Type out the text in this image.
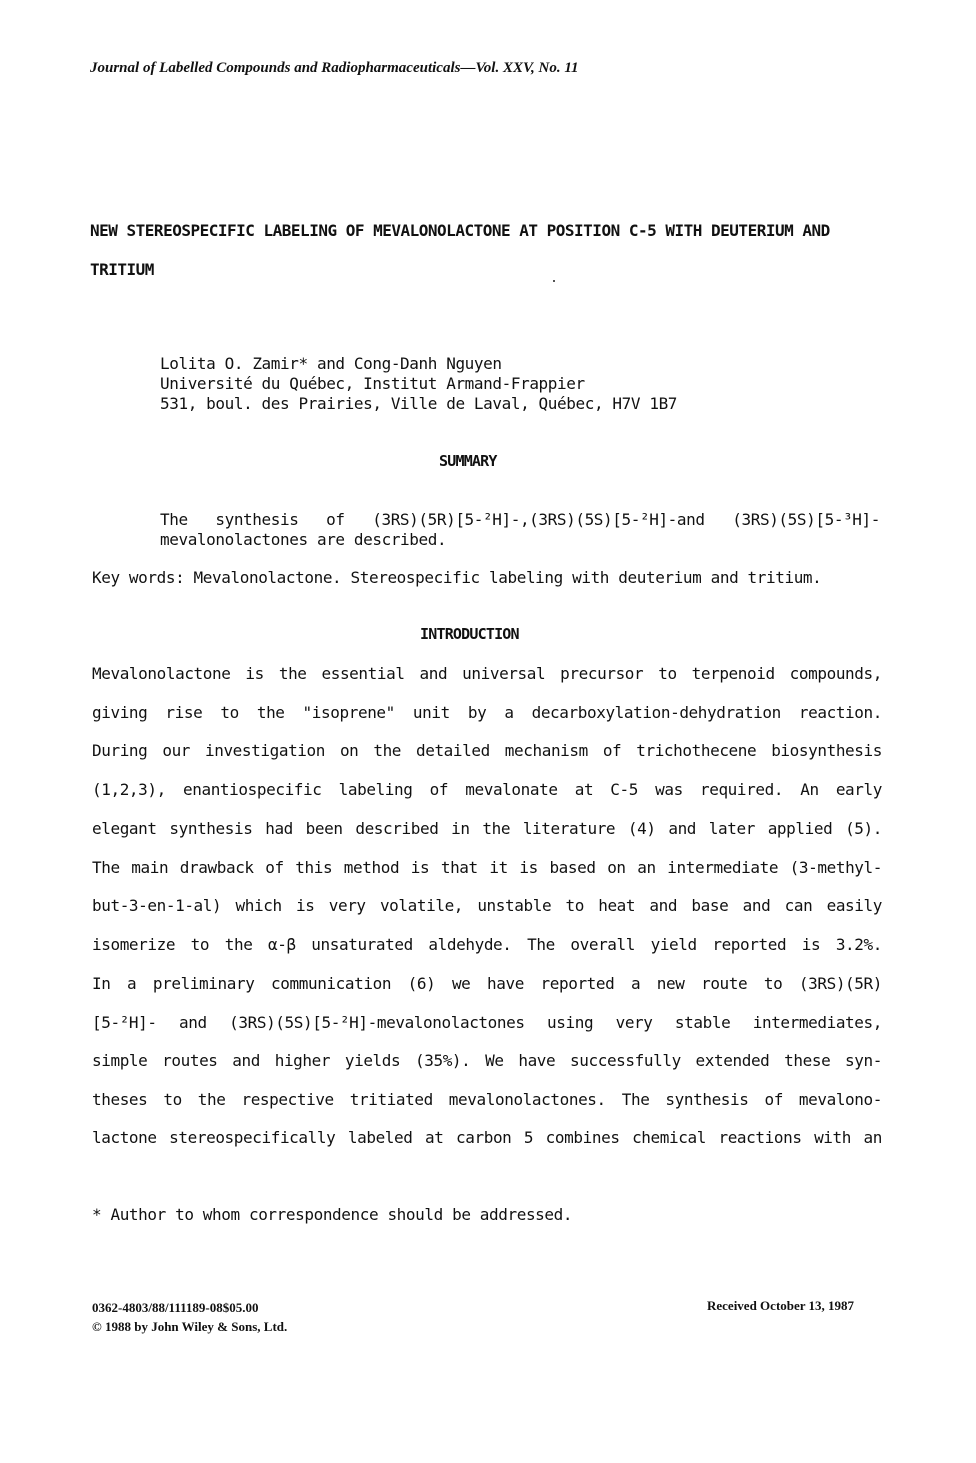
Journal of Labelled Compounds and Radiopharmaceuticals—Vol. XXV, No. 11
NEW STEREOSPECIFIC LABELING OF MEVALONOLACTONE AT POSITION C-5 WITH DEUTERIUM AND
TRITIUM
Lolita O. Zamir* and Cong-Danh Nguyen
Université du Québec, Institut Armand-Frappier
531, boul. des Prairies, Ville de Laval, Québec, H7V 1B7
SUMMARY
The synthesis of (3RS)(5R)[5-²H]-,(3RS)(5S)[5-²H]-and (3RS)(5S)[5-³H]-
mevalonolactones are described.
Key words: Mevalonolactone. Stereospecific labeling with deuterium and tritium.
INTRODUCTION
Mevalonolactone is the essential and universal precursor to terpenoid compounds,
giving rise to the "isoprene" unit by a decarboxylation-dehydration reaction.
During our investigation on the detailed mechanism of trichothecene biosynthesis
(1,2,3), enantiospecific labeling of mevalonate at C-5 was required. An early
elegant synthesis had been described in the literature (4) and later applied (5).
The main drawback of this method is that it is based on an intermediate (3-methyl-
but-3-en-1-al) which is very volatile, unstable to heat and base and can easily
isomerize to the α-β unsaturated aldehyde. The overall yield reported is 3.2%.
In a preliminary communication (6) we have reported a new route to (3RS)(5R)
[5-²H]- and (3RS)(5S)[5-²H]-mevalonolactones using very stable intermediates,
simple routes and higher yields (35%). We have successfully extended these syn-
theses to the respective tritiated mevalonolactones. The synthesis of mevalono-
lactone stereospecifically labeled at carbon 5 combines chemical reactions with an
* Author to whom correspondence should be addressed.
0362-4803/88/111189-08$05.00
© 1988 by John Wiley & Sons, Ltd.
Received October 13, 1987
